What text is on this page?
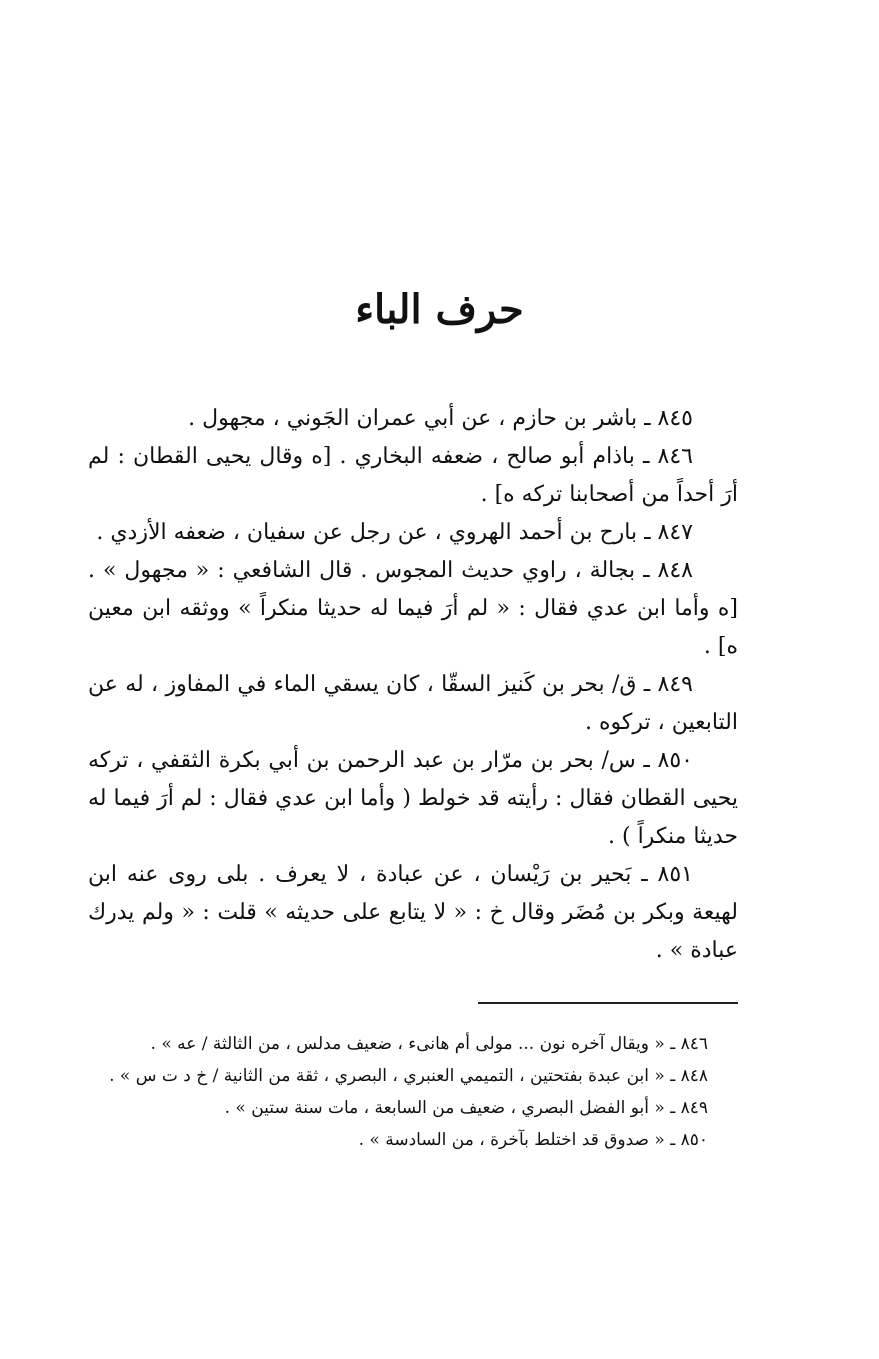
حرف الباء

٨٤٥ ـ باشر بن حازم ، عن أبي عمران الجَوني ، مجهول .

٨٤٦ ـ باذام أبو صالح ، ضعفه البخاري . [ه وقال يحيى القطان : لم أرَ أحداً من أصحابنا تركه ه] .

٨٤٧ ـ بارح بن أحمد الهروي ، عن رجل عن سفيان ، ضعفه الأزدي .

٨٤٨ ـ بجالة ، راوي حديث المجوس . قال الشافعي : « مجهول » . [ه وأما ابن عدي فقال : « لم أرَ فيما له حديثا منكراً » ووثقه ابن معين ه] .

٨٤٩ ـ ق/ بحر بن كَنيز السقّا ، كان يسقي الماء في المفاوز ، له عن التابعين ، تركوه .

٨٥٠ ـ س/ بحر بن مرّار بن عبد الرحمن بن أبي بكرة الثقفي ، تركه يحيى القطان فقال : رأيته قد خولط ( وأما ابن عدي فقال : لم أرَ فيما له حديثا منكراً ) .

٨٥١ ـ بَحير بن رَيْسان ، عن عبادة ، لا يعرف . بلى روى عنه ابن لهيعة وبكر بن مُضَر وقال خ : « لا يتابع على حديثه » قلت : « ولم يدرك عبادة » .

٨٤٦ ـ « ويقال آخره نون ... مولى أم هانىء ، ضعيف مدلس ، من الثالثة / عه » .

٨٤٨ ـ « ابن عبدة بفتحتين ، التميمي العنبري ، البصري ، ثقة من الثانية / خ د ت س » .

٨٤٩ ـ « أبو الفضل البصري ، ضعيف من السابعة ، مات سنة ستين » .

٨٥٠ ـ « صدوق قد اختلط بآخرة ، من السادسة » .
